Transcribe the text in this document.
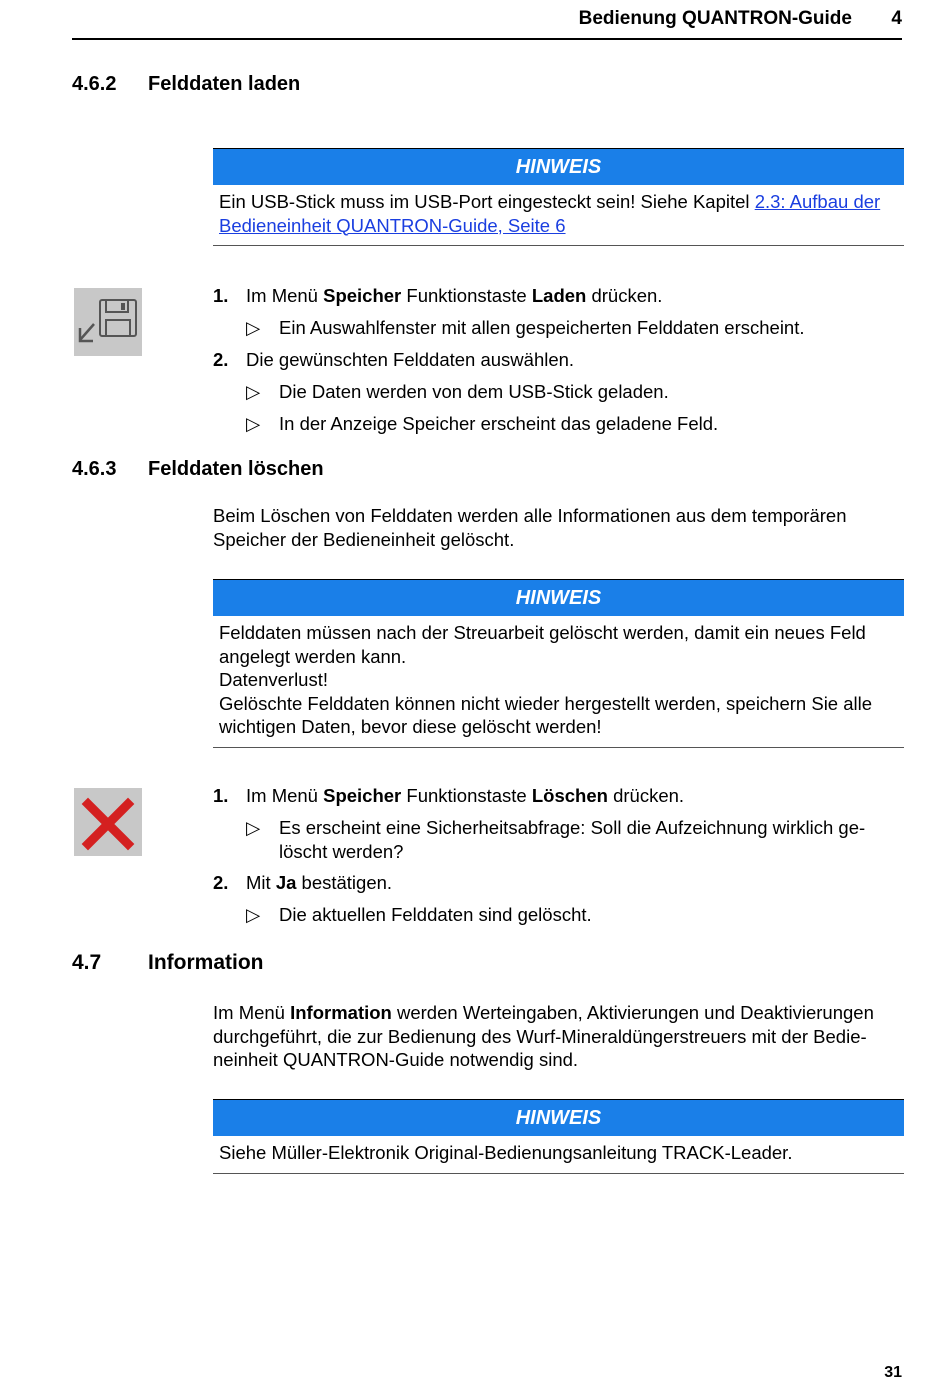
Bedienung QUANTRON-Guide 4
4.6.2 Felddaten laden
HINWEIS
Ein USB-Stick muss im USB-Port eingesteckt sein! Siehe Kapitel 2.3: Aufbau der Bedieneinheit QUANTRON-Guide, Seite 6
1. Im Menü Speicher Funktionstaste Laden drücken.
▷ Ein Auswahlfenster mit allen gespeicherten Felddaten erscheint.
2. Die gewünschten Felddaten auswählen.
▷ Die Daten werden von dem USB-Stick geladen.
▷ In der Anzeige Speicher erscheint das geladene Feld.
4.6.3 Felddaten löschen
Beim Löschen von Felddaten werden alle Informationen aus dem temporären Speicher der Bedieneinheit gelöscht.
HINWEIS
Felddaten müssen nach der Streuarbeit gelöscht werden, damit ein neues Feld angelegt werden kann.
Datenverlust!
Gelöschte Felddaten können nicht wieder hergestellt werden, speichern Sie alle wichtigen Daten, bevor diese gelöscht werden!
1. Im Menü Speicher Funktionstaste Löschen drücken.
▷ Es erscheint eine Sicherheitsabfrage: Soll die Aufzeichnung wirklich ge-löscht werden?
2. Mit Ja bestätigen.
▷ Die aktuellen Felddaten sind gelöscht.
4.7 Information
Im Menü Information werden Werteingaben, Aktivierungen und Deaktivierungen durchgeführt, die zur Bedienung des Wurf-Mineraldüngerstreuers mit der Bedie-neinheit QUANTRON-Guide notwendig sind.
HINWEIS
Siehe Müller-Elektronik Original-Bedienungsanleitung TRACK-Leader.
31
